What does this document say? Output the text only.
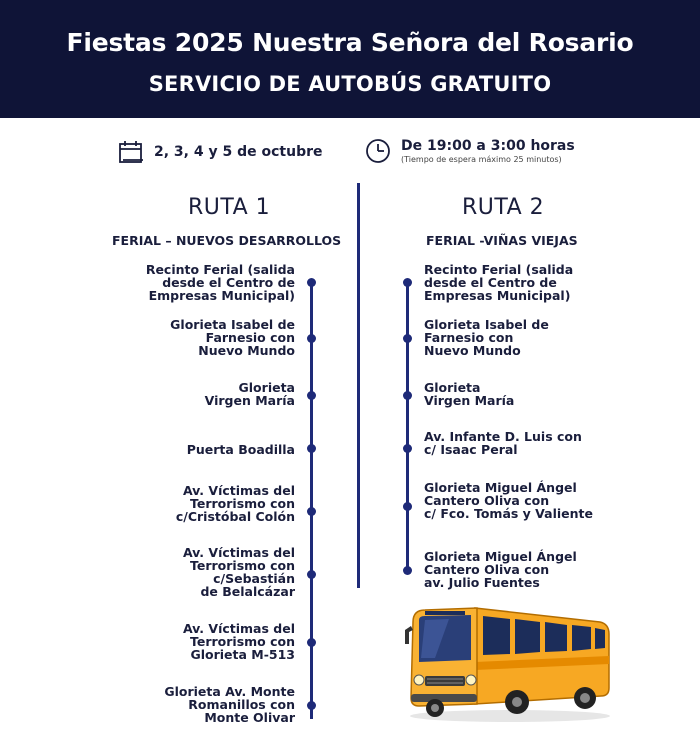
Fiestas 2025 Nuestra Señora del Rosario
SERVICIO DE AUTOBÚS GRATUITO
2, 3, 4 y 5 de octubre	De 19:00 a 3:00 horas
(Tiempo de espera máximo 25 minutos)
RUTA 1
FERIAL – NUEVOS DESARROLLOS
RUTA 2
FERIAL -VIÑAS VIEJAS
Recinto Ferial (salida
desde el Centro de
Empresas Municipal)
Glorieta Isabel de
Farnesio con
Nuevo Mundo
Glorieta
Virgen María
Puerta Boadilla
Av. Víctimas del
Terrorismo con
c/Cristóbal Colón
Av. Víctimas del
Terrorismo con
c/Sebastián
de Belalcázar
Av. Víctimas del
Terrorismo con
Glorieta M-513
Glorieta Av. Monte
Romanillos con
Monte Olivar
Recinto Ferial (salida
desde el Centro de
Empresas Municipal)
Glorieta Isabel de
Farnesio con
Nuevo Mundo
Glorieta
Virgen María
Av. Infante D. Luis con
c/ Isaac Peral
Glorieta Miguel Ángel
Cantero Oliva con
c/ Fco. Tomás y Valiente
Glorieta Miguel Ángel
Cantero Oliva con
av. Julio Fuentes
